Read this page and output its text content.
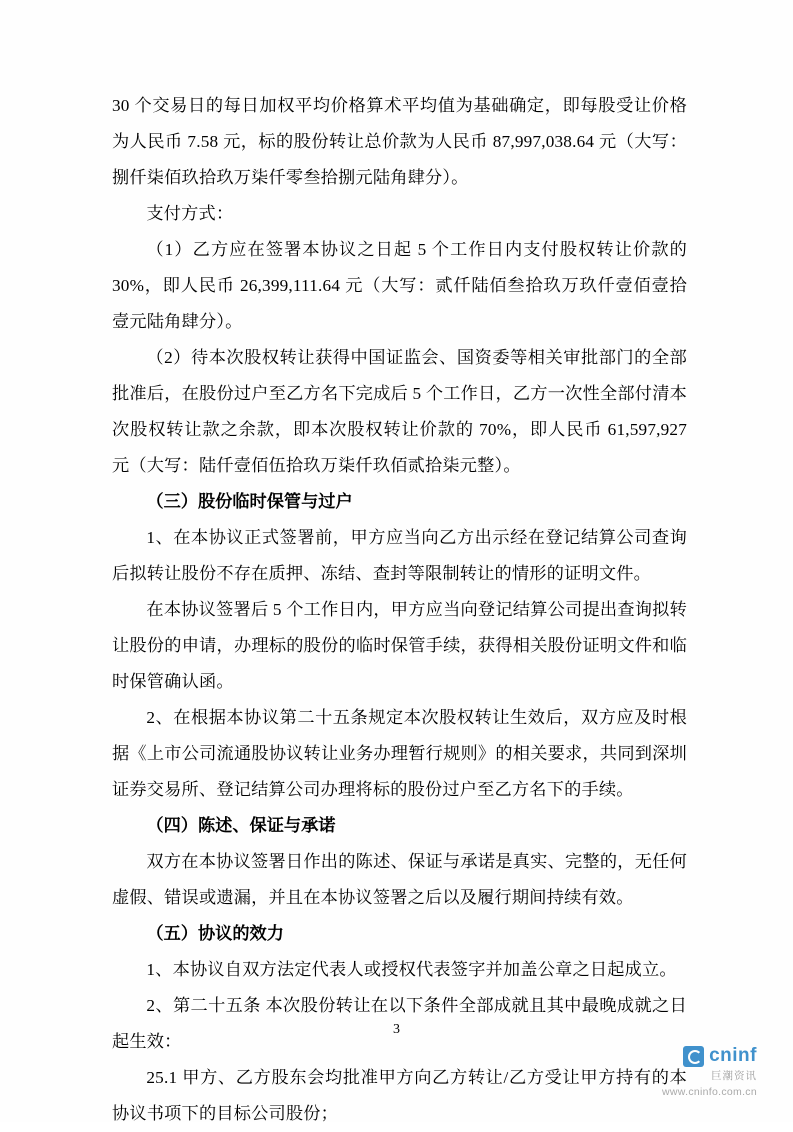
30 个交易日的每日加权平均价格算术平均值为基础确定，即每股受让价格为人民币 7.58 元，标的股份转让总价款为人民币 87,997,038.64 元（大写：捌仟柒佰玖拾玖万柒仟零叁拾捌元陆角肆分）。

支付方式：

（1）乙方应在签署本协议之日起 5 个工作日内支付股权转让价款的 30%，即人民币 26,399,111.64 元（大写：贰仟陆佰叁拾玖万玖仟壹佰壹拾壹元陆角肆分）。

（2）待本次股权转让获得中国证监会、国资委等相关审批部门的全部批准后，在股份过户至乙方名下完成后 5 个工作日，乙方一次性全部付清本次股权转让款之余款，即本次股权转让价款的 70%，即人民币 61,597,927 元（大写：陆仟壹佰伍拾玖万柒仟玖佰贰拾柒元整）。

（三）股份临时保管与过户

1、在本协议正式签署前，甲方应当向乙方出示经在登记结算公司查询后拟转让股份不存在质押、冻结、查封等限制转让的情形的证明文件。

在本协议签署后 5 个工作日内，甲方应当向登记结算公司提出查询拟转让股份的申请，办理标的股份的临时保管手续，获得相关股份证明文件和临时保管确认函。

2、在根据本协议第二十五条规定本次股权转让生效后，双方应及时根据《上市公司流通股协议转让业务办理暂行规则》的相关要求，共同到深圳证券交易所、登记结算公司办理将标的股份过户至乙方名下的手续。

（四）陈述、保证与承诺

双方在本协议签署日作出的陈述、保证与承诺是真实、完整的，无任何虚假、错误或遗漏，并且在本协议签署之后以及履行期间持续有效。

（五）协议的效力

1、本协议自双方法定代表人或授权代表签字并加盖公章之日起成立。

2、第二十五条 本次股份转让在以下条件全部成就且其中最晚成就之日起生效：

25.1 甲方、乙方股东会均批准甲方向乙方转让/乙方受让甲方持有的本协议书项下的目标公司股份；

3
cninf
巨潮资讯
www.cninfo.com.cn
